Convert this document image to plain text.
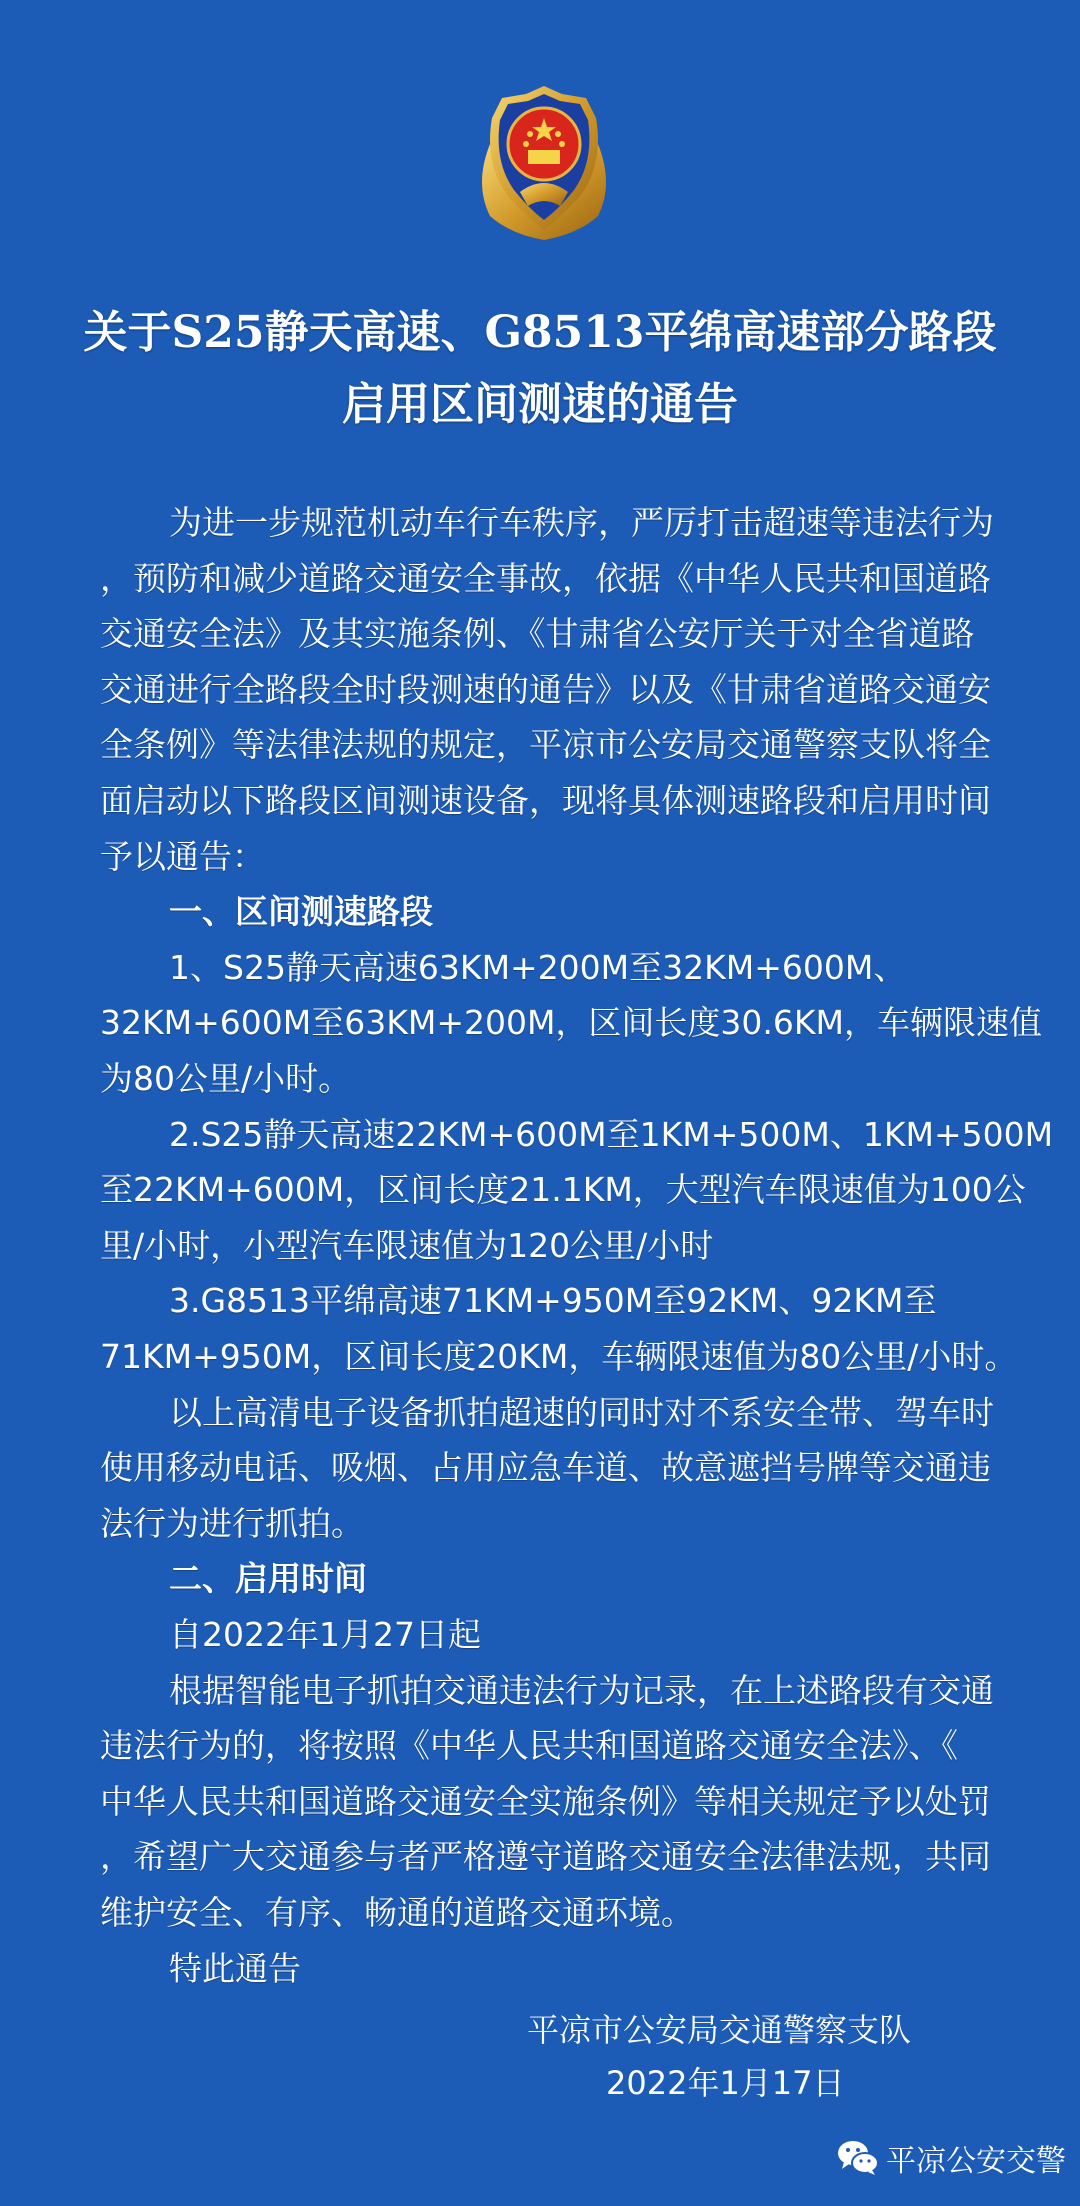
关于S25静天高速、G8513平绵高速部分路段
启用区间测速的通告
为进一步规范机动车行车秩序，严厉打击超速等违法行为
，预防和减少道路交通安全事故，依据《中华人民共和国道路
交通安全法》及其实施条例、《甘肃省公安厅关于对全省道路
交通进行全路段全时段测速的通告》以及《甘肃省道路交通安
全条例》等法律法规的规定，平凉市公安局交通警察支队将全
面启动以下路段区间测速设备，现将具体测速路段和启用时间
予以通告：
一、区间测速路段
1、S25静天高速63KM+200M至32KM+600M、
32KM+600M至63KM+200M，区间长度30.6KM，车辆限速值
为80公里/小时。
2.S25静天高速22KM+600M至1KM+500M、1KM+500M
至22KM+600M，区间长度21.1KM，大型汽车限速值为100公
里/小时，小型汽车限速值为120公里/小时
3.G8513平绵高速71KM+950M至92KM、92KM至
71KM+950M，区间长度20KM，车辆限速值为80公里/小时。
以上高清电子设备抓拍超速的同时对不系安全带、驾车时
使用移动电话、吸烟、占用应急车道、故意遮挡号牌等交通违
法行为进行抓拍。
二、启用时间
自2022年1月27日起
根据智能电子抓拍交通违法行为记录，在上述路段有交通
违法行为的，将按照《中华人民共和国道路交通安全法》、《
中华人民共和国道路交通安全实施条例》等相关规定予以处罚
，希望广大交通参与者严格遵守道路交通安全法律法规，共同
维护安全、有序、畅通的道路交通环境。
特此通告
平凉市公安局交通警察支队
2022年1月17日
平凉公安交警
